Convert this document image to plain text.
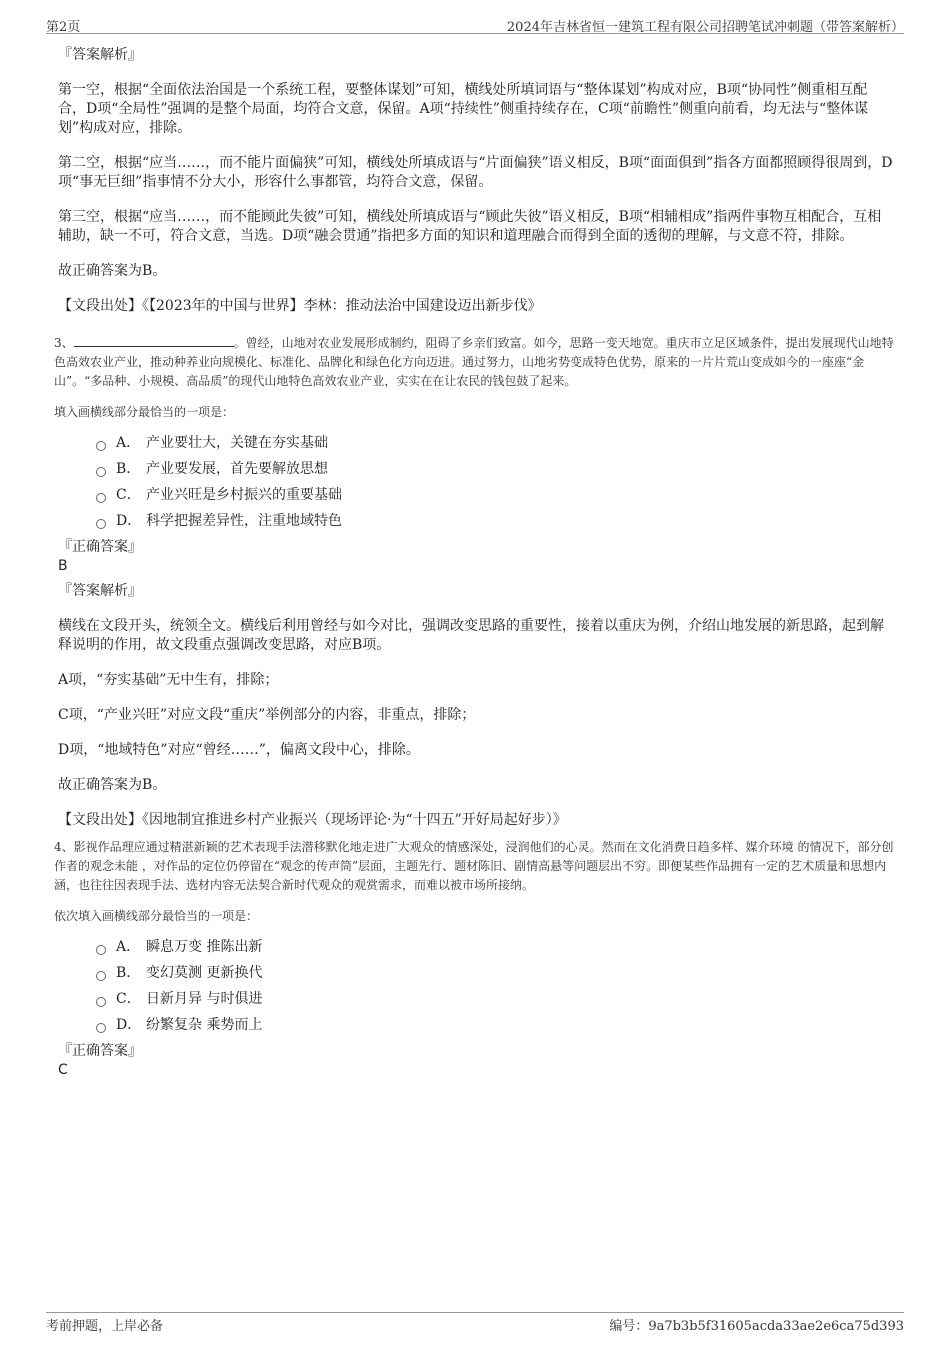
第2页	2024年吉林省恒一建筑工程有限公司招聘笔试冲刺题（带答案解析）
『答案解析』
第一空，根据“全面依法治国是一个系统工程，要整体谋划”可知，横线处所填词语与“整体谋划”构成对应，B项“协同性”侧重相互配合，D项“全局性”强调的是整个局面，均符合文意，保留。A项“持续性”侧重持续存在，C项“前瞻性”侧重向前看，均无法与“整体谋划”构成对应，排除。
第二空，根据“应当……，而不能片面偏狭”可知，横线处所填成语与“片面偏狭”语义相反，B项“面面俱到”指各方面都照顾得很周到，D项“事无巨细”指事情不分大小，形容什么事都管，均符合文意，保留。
第三空，根据“应当……，而不能顾此失彼”可知，横线处所填成语与“顾此失彼”语义相反，B项“相辅相成”指两件事物互相配合，互相辅助，缺一不可，符合文意，当选。D项“融会贯通”指把多方面的知识和道理融合而得到全面的透彻的理解，与文意不符，排除。
故正确答案为B。
【文段出处】《【2023年的中国与世界】李林：推动法治中国建设迈出新步伐》
3、	。曾经，山地对农业发展形成制约，阻碍了乡亲们致富。如今，思路一变天地宽。重庆市立足区域条件，提出发展现代山地特色高效农业产业，推动种养业向规模化、标准化、品牌化和绿色化方向迈进。通过努力，山地劣势变成特色优势，原来的一片片荒山变成如今的一座座“金山”。“多品种、小规模、高品质”的现代山地特色高效农业产业，实实在在让农民的钱包鼓了起来。
填入画横线部分最恰当的一项是：
A． 产业要壮大，关键在夯实基础
B． 产业要发展，首先要解放思想
C． 产业兴旺是乡村振兴的重要基础
D． 科学把握差异性，注重地域特色
『正确答案』
B
『答案解析』
横线在文段开头，统领全文。横线后利用曾经与如今对比，强调改变思路的重要性，接着以重庆为例，介绍山地发展的新思路，起到解释说明的作用，故文段重点强调改变思路，对应B项。
A项，“夯实基础”无中生有，排除；
C项，“产业兴旺”对应文段“重庆”举例部分的内容，非重点，排除；
D项，“地域特色”对应“曾经……”，偏离文段中心，排除。
故正确答案为B。
【文段出处】《因地制宜推进乡村产业振兴（现场评论·为“十四五”开好局起好步）》
4、影视作品理应通过精湛新颖的艺术表现手法潜移默化地走进广大观众的情感深处，浸润他们的心灵。然而在文化消费日趋多样、媒介环境 的情况下，部分创作者的观念未能 ，对作品的定位仍停留在“观念的传声筒”层面，主题先行、题材陈旧、剧情高悬等问题层出不穷。即便某些作品拥有一定的艺术质量和思想内涵，也往往因表现手法、选材内容无法契合新时代观众的观赏需求，而难以被市场所接纳。
依次填入画横线部分最恰当的一项是：
A． 瞬息万变 推陈出新
B． 变幻莫测 更新换代
C． 日新月异 与时俱进
D． 纷繁复杂 乘势而上
『正确答案』
C
考前押题，上岸必备	编号：9a7b3b5f31605acda33ae2e6ca75d393
